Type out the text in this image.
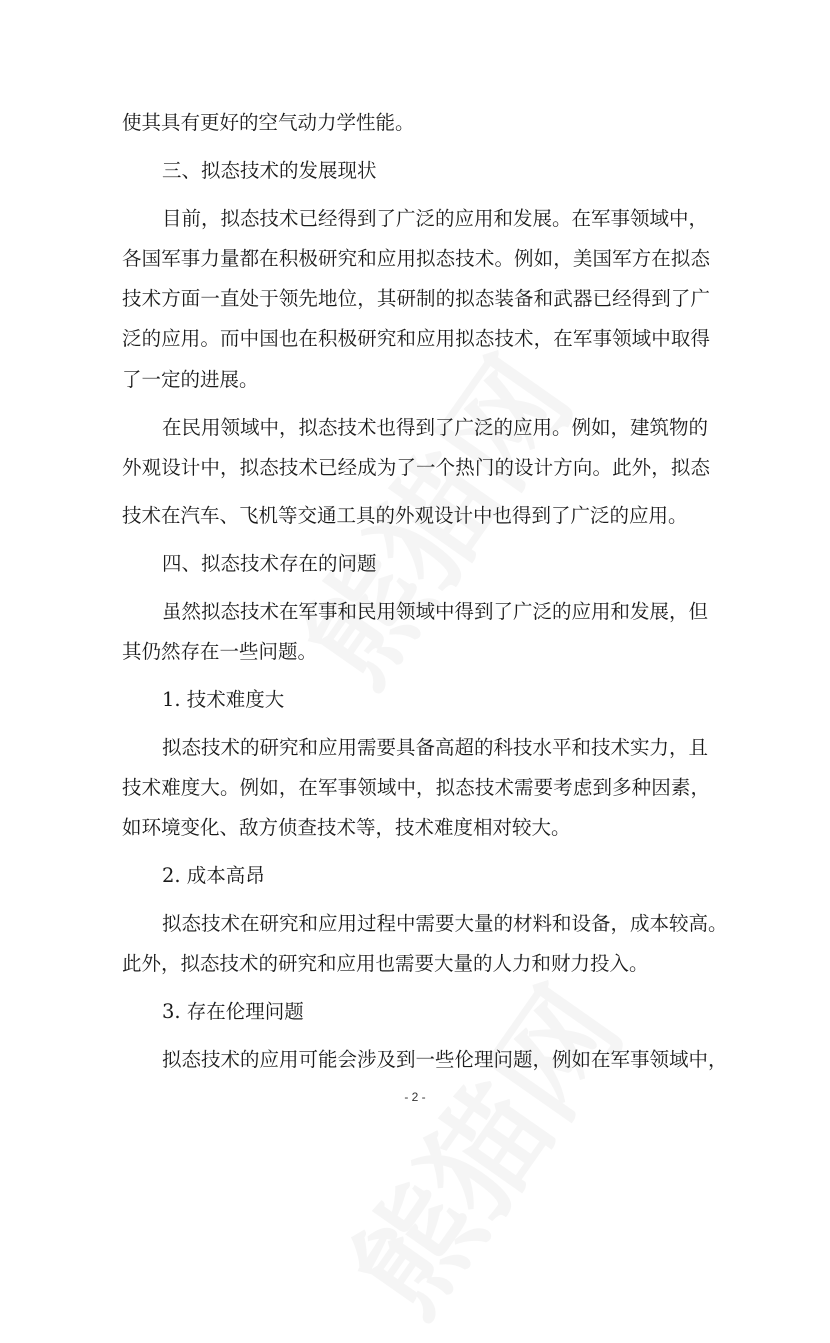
使其具有更好的空气动力学性能。

三、拟态技术的发展现状

目前，拟态技术已经得到了广泛的应用和发展。在军事领域中，

各国军事力量都在积极研究和应用拟态技术。例如，美国军方在拟态

技术方面一直处于领先地位，其研制的拟态装备和武器已经得到了广

泛的应用。而中国也在积极研究和应用拟态技术，在军事领域中取得

了一定的进展。

在民用领域中，拟态技术也得到了广泛的应用。例如，建筑物的

外观设计中，拟态技术已经成为了一个热门的设计方向。此外，拟态

技术在汽车、飞机等交通工具的外观设计中也得到了广泛的应用。

四、拟态技术存在的问题

虽然拟态技术在军事和民用领域中得到了广泛的应用和发展，但

其仍然存在一些问题。

1. 技术难度大

拟态技术的研究和应用需要具备高超的科技水平和技术实力，且

技术难度大。例如，在军事领域中，拟态技术需要考虑到多种因素，

如环境变化、敌方侦查技术等，技术难度相对较大。

2. 成本高昂

拟态技术在研究和应用过程中需要大量的材料和设备，成本较高。

此外，拟态技术的研究和应用也需要大量的人力和财力投入。

3. 存在伦理问题

拟态技术的应用可能会涉及到一些伦理问题，例如在军事领域中，

- 2 -
